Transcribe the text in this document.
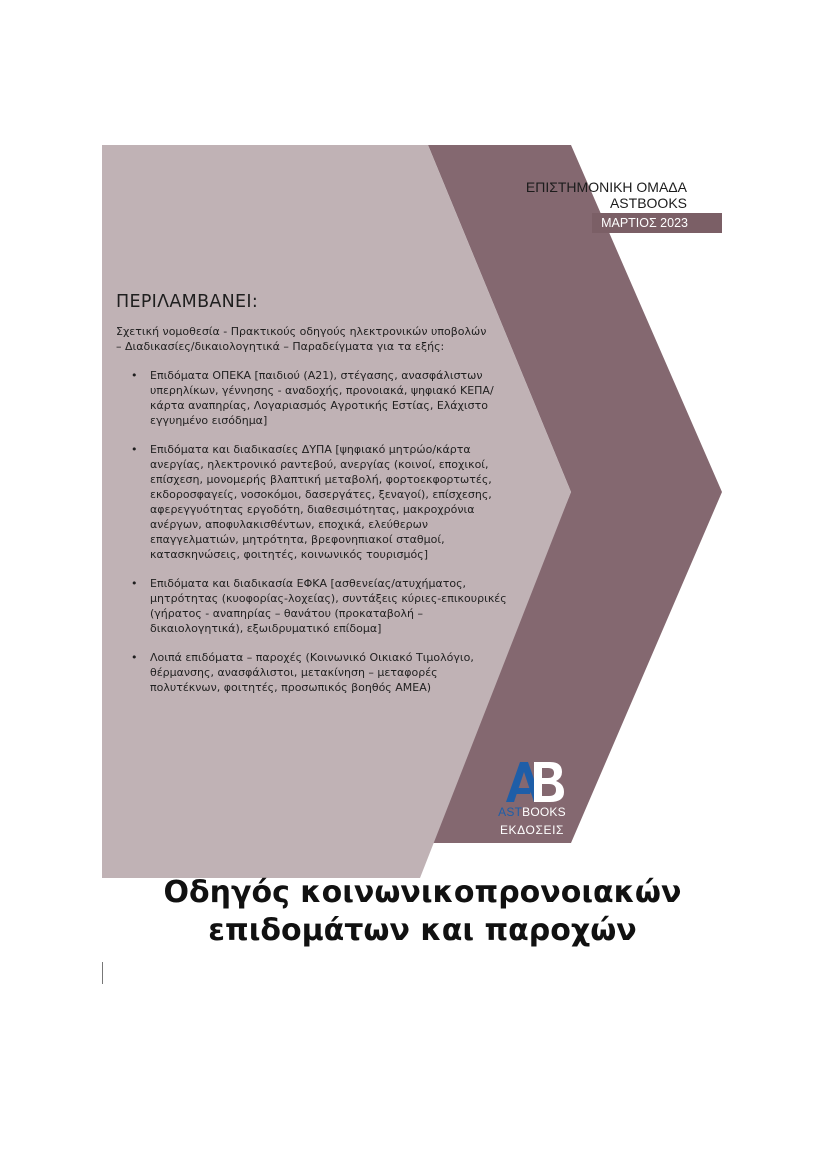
ΕΠΙΣΤΗΜΟΝΙΚΗ ΟΜΑΔΑ
ASTBOOKS
ΜΑΡΤΙΟΣ 2023
ΠΕΡΙΛΑΜΒΑΝΕΙ:

Σχετική νομοθεσία - Πρακτικούς οδηγούς ηλεκτρονικών υποβολών
– Διαδικασίες/δικαιολογητικά – Παραδείγματα για τα εξής:

• Επιδόματα ΟΠΕΚΑ [παιδιού (Α21), στέγασης, ανασφάλιστων υπερηλίκων, γέννησης - αναδοχής, προνοιακά, ψηφιακό ΚΕΠΑ/κάρτα αναπηρίας, Λογαριασμός Αγροτικής Εστίας, Ελάχιστο εγγυημένο εισόδημα]
• Επιδόματα και διαδικασίες ΔΥΠΑ [ψηφιακό μητρώο/κάρτα ανεργίας, ηλεκτρονικό ραντεβού, ανεργίας (κοινοί, εποχικοί, επίσχεση, μονομερής βλαπτική μεταβολή, φορτοεκφορτωτές, εκδοροσφαγείς, νοσοκόμοι, δασεργάτες, ξεναγοί), επίσχεσης, αφερεγγυότητας εργοδότη, διαθεσιμότητας, μακροχρόνια ανέργων, αποφυλακισθέντων, εποχικά, ελεύθερων επαγγελματιών, μητρότητα, βρεφονηπιακοί σταθμοί, κατασκηνώσεις, φοιτητές, κοινωνικός τουρισμός]
• Επιδόματα και διαδικασία ΕΦΚΑ [ασθενείας/ατυχήματος, μητρότητας (κυοφορίας-λοχείας), συντάξεις κύριες-επικουρικές (γήρατος - αναπηρίας – θανάτου (προκαταβολή – δικαιολογητικά), εξωιδρυματικό επίδομα]
• Λοιπά επιδόματα – παροχές (Κοινωνικό Οικιακό Τιμολόγιο, θέρμανσης, ανασφάλιστοι, μετακίνηση – μεταφορές πολυτέκνων, φοιτητές, προσωπικός βοηθός ΑΜΕΑ)
ASTBOOKS
ΕΚΔΟΣΕΙΣ
Οδηγός κοινωνικοπρονοιακών
επιδομάτων και παροχών
